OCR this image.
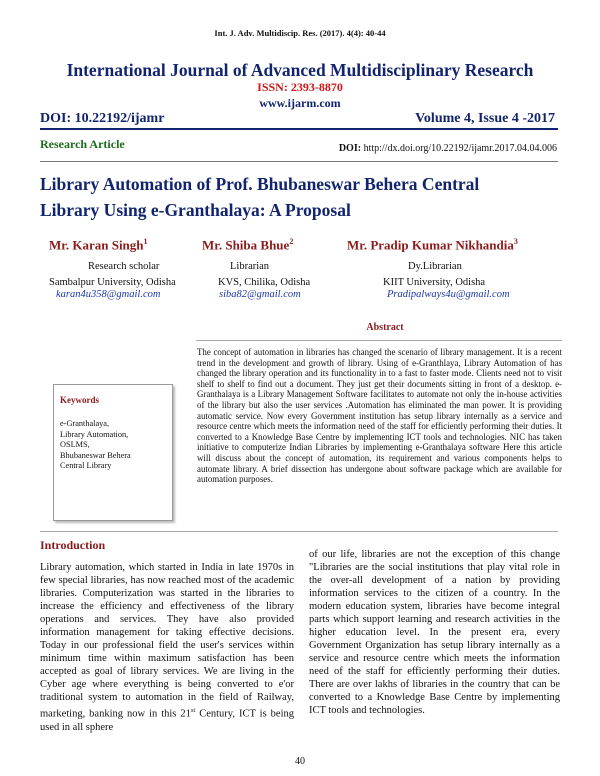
Int. J. Adv. Multidiscip. Res. (2017). 4(4): 40-44
International Journal of Advanced Multidisciplinary Research
ISSN: 2393-8870
www.ijarm.com
DOI: 10.22192/ijamr	Volume 4, Issue 4 -2017
Research Article	DOI: http://dx.doi.org/10.22192/ijamr.2017.04.04.006
Library Automation of Prof. Bhubaneswar Behera Central
Library Using e-Granthalaya: A Proposal
Mr. Karan Singh$^1$
Research scholar
Sambalpur University, Odisha
karan4u358@gmail.com
Mr. Shiba Bhue$^2$
Librarian
KVS, Chilika, Odisha
siba82@gmail.com
Mr. Pradip Kumar Nikhandia$^3$
Dy.Librarian
KIIT University, Odisha
Pradipalways4u@gmail.com
Abstract
The concept of automation in libraries has changed the scenario of library management. It is a recent trend in the development and growth of library. Using of e-Granthlaya, Library Automation of has changed the library operation and its functionality in to a fast to faster mode. Clients need not to visit shelf to shelf to find out a document. They just get their documents sitting in front of a desktop. e-Granthalaya is a Library Management Software facilitates to automate not only the in-house activities of the library but also the user services .Automation has eliminated the man power. It is providing automatic service. Now every Government institution has setup library internally as a service and resource centre which meets the information need of the staff for efficiently performing their duties. It converted to a Knowledge Base Centre by implementing ICT tools and technologies. NIC has taken initiative to computerize Indian Libraries by implementing e-Granthalaya software Here this article will discuss about the concept of automation, its requirement and various components helps to automate library. A brief dissection has undergone about software package which are available for automation purposes.
Keywords
e-Granthalaya,
Library Automation,
OSLMS,
Bhubaneswar Behera
Central Library
Introduction
Library automation, which started in India in late 1970s in few special libraries, has now reached most of the academic libraries. Computerization was started in the libraries to increase the efficiency and effectiveness of the library operations and services. They have also provided information management for taking effective decisions. Today in our professional field the user's services within minimum time within maximum satisfaction has been accepted as goal of library services. We are living in the Cyber age where everything is being converted to e'or traditional system to automation in the field of Railway, marketing, banking now in this 21st Century, ICT is being used in all sphere
of our life, libraries are not the exception of this change "Libraries are the social institutions that play vital role in the over-all development of a nation by providing information services to the citizen of a country. In the modern education system, libraries have become integral parts which support learning and research activities in the higher education level. In the present era, every Government Organization has setup library internally as a service and resource centre which meets the information need of the staff for efficiently performing their duties. There are over lakhs of libraries in the country that can be converted to a Knowledge Base Centre by implementing ICT tools and technologies.
40
